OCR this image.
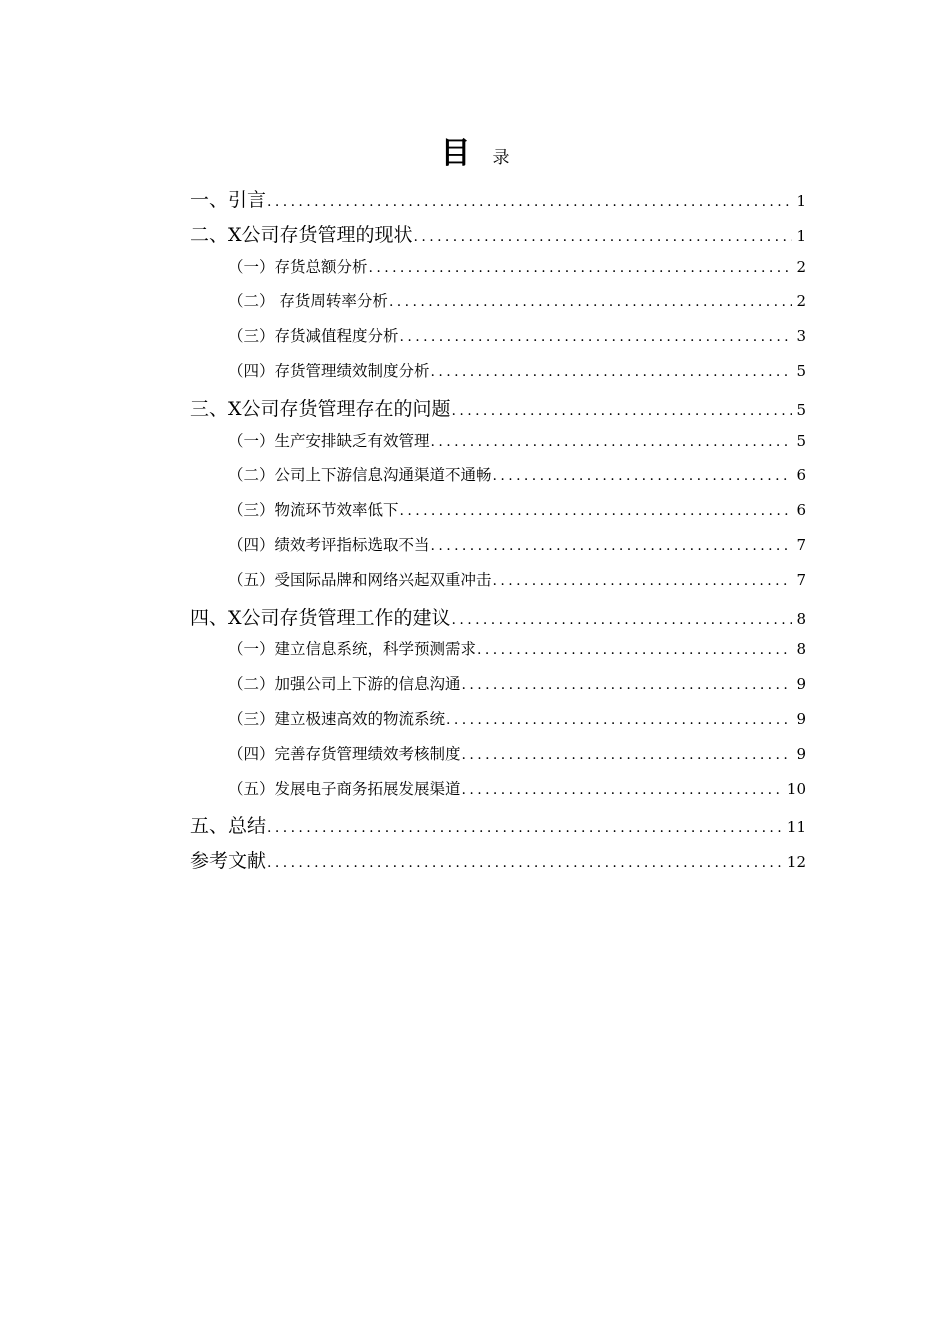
目 录
一、引言 .....	1
二、X公司存货管理的现状 .....	1
（一）存货总额分析 .....	2
（二） 存货周转率分析 .....	2
（三）存货减值程度分析 .....	3
（四）存货管理绩效制度分析 .....	5
三、X公司存货管理存在的问题 .....	5
（一）生产安排缺乏有效管理 .....	5
（二）公司上下游信息沟通渠道不通畅 .....	6
（三）物流环节效率低下 .....	6
（四）绩效考评指标选取不当 .....	7
（五）受国际品牌和网络兴起双重冲击 .....	7
四、X公司存货管理工作的建议 .....	8
（一）建立信息系统，科学预测需求 .....	8
（二）加强公司上下游的信息沟通 .....	9
（三）建立极速高效的物流系统 .....	9
（四）完善存货管理绩效考核制度 .....	9
（五）发展电子商务拓展发展渠道 .....	10
五、总结 .....	11
参考文献 .....	12
